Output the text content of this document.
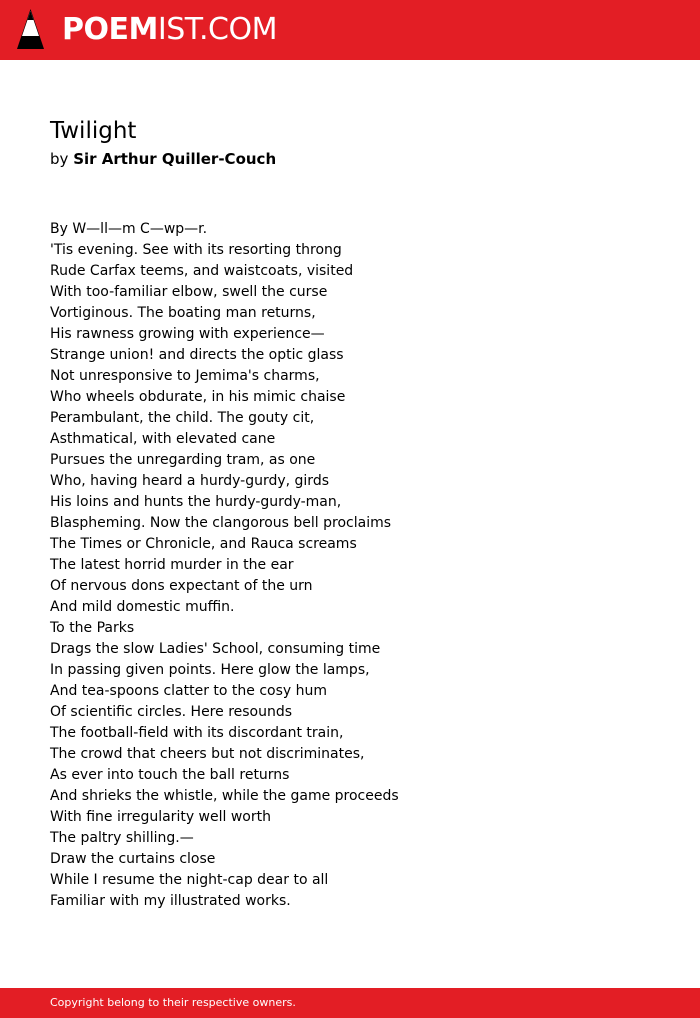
POEMIST.COM
Twilight
by Sir Arthur Quiller-Couch
By W—ll—m C—wp—r.
'Tis evening. See with its resorting throng
Rude Carfax teems, and waistcoats, visited
With too-familiar elbow, swell the curse
Vortiginous. The boating man returns,
His rawness growing with experience—
Strange union! and directs the optic glass
Not unresponsive to Jemima's charms,
Who wheels obdurate, in his mimic chaise
Perambulant, the child. The gouty cit,
Asthmatical, with elevated cane
Pursues the unregarding tram, as one
Who, having heard a hurdy-gurdy, girds
His loins and hunts the hurdy-gurdy-man,
Blaspheming. Now the clangorous bell proclaims
The Times or Chronicle, and Rauca screams
The latest horrid murder in the ear
Of nervous dons expectant of the urn
And mild domestic muffin.
To the Parks
Drags the slow Ladies' School, consuming time
In passing given points. Here glow the lamps,
And tea-spoons clatter to the cosy hum
Of scientific circles. Here resounds
The football-field with its discordant train,
The crowd that cheers but not discriminates,
As ever into touch the ball returns
And shrieks the whistle, while the game proceeds
With fine irregularity well worth
The paltry shilling.—
Draw the curtains close
While I resume the night-cap dear to all
Familiar with my illustrated works.
Copyright belong to their respective owners.
